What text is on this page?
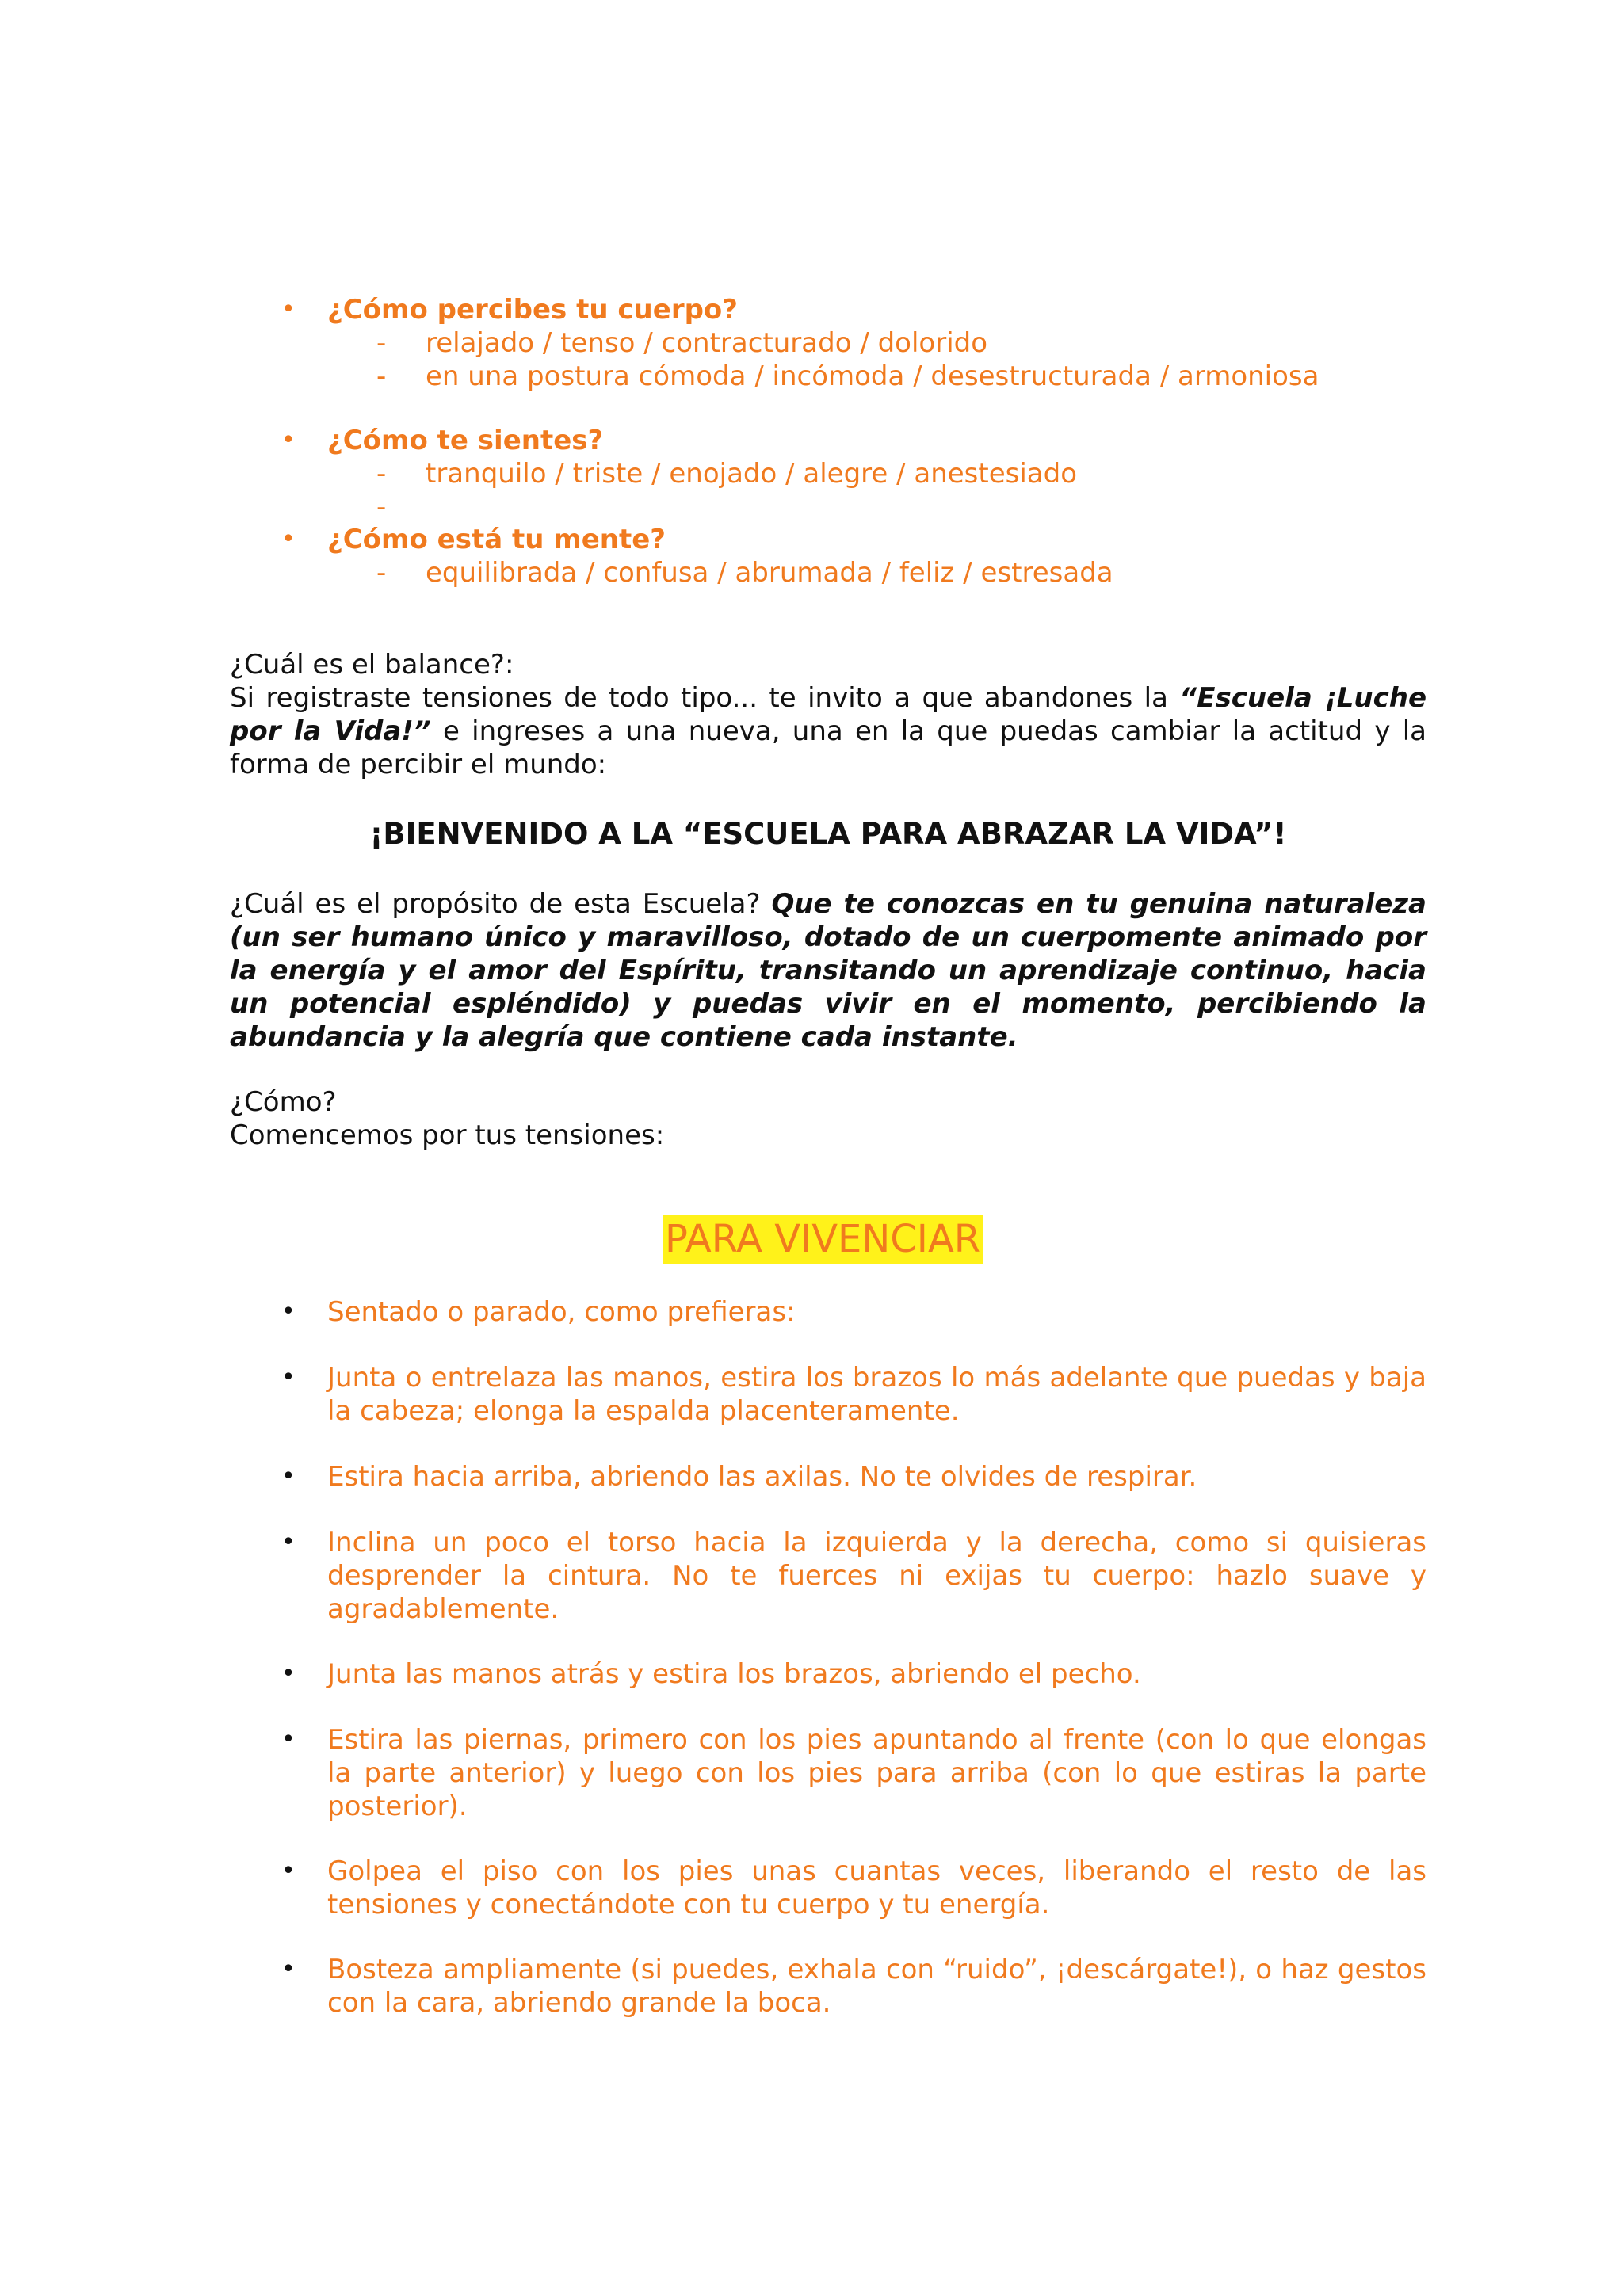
• ¿Cómo percibes tu cuerpo?
- relajado / tenso / contracturado / dolorido
- en una postura cómoda / incómoda / desestructurada / armoniosa
• ¿Cómo te sientes?
- tranquilo / triste / enojado / alegre / anestesiado
-
• ¿Cómo está tu mente?
- equilibrada / confusa / abrumada / feliz / estresada
¿Cuál es el balance?:
Si registraste tensiones de todo tipo... te invito a que abandones la “Escuela ¡Luche por la Vida!” e ingreses a una nueva, una en la que puedas cambiar la actitud y la forma de percibir el mundo:
¡BIENVENIDO A LA “ESCUELA PARA ABRAZAR LA VIDA”!
¿Cuál es el propósito de esta Escuela? Que te conozcas en tu genuina naturaleza (un ser humano único y maravilloso, dotado de un cuerpomente animado por la energía y el amor del Espíritu, transitando un aprendizaje continuo, hacia un potencial espléndido) y puedas vivir en el momento, percibiendo la abundancia y la alegría que contiene cada instante.
¿Cómo?
Comencemos por tus tensiones:
PARA VIVENCIAR
• Sentado o parado, como prefieras:
• Junta o entrelaza las manos, estira los brazos lo más adelante que puedas y baja la cabeza; elonga la espalda placenteramente.
• Estira hacia arriba, abriendo las axilas. No te olvides de respirar.
• Inclina un poco el torso hacia la izquierda y la derecha, como si quisieras desprender la cintura. No te fuerces ni exijas tu cuerpo: hazlo suave y agradablemente.
• Junta las manos atrás y estira los brazos, abriendo el pecho.
• Estira las piernas, primero con los pies apuntando al frente (con lo que elongas la parte anterior) y luego con los pies para arriba (con lo que estiras la parte posterior).
• Golpea el piso con los pies unas cuantas veces, liberando el resto de las tensiones y conectándote con tu cuerpo y tu energía.
• Bosteza ampliamente (si puedes, exhala con “ruido”, ¡descárgate!), o haz gestos con la cara, abriendo grande la boca.
